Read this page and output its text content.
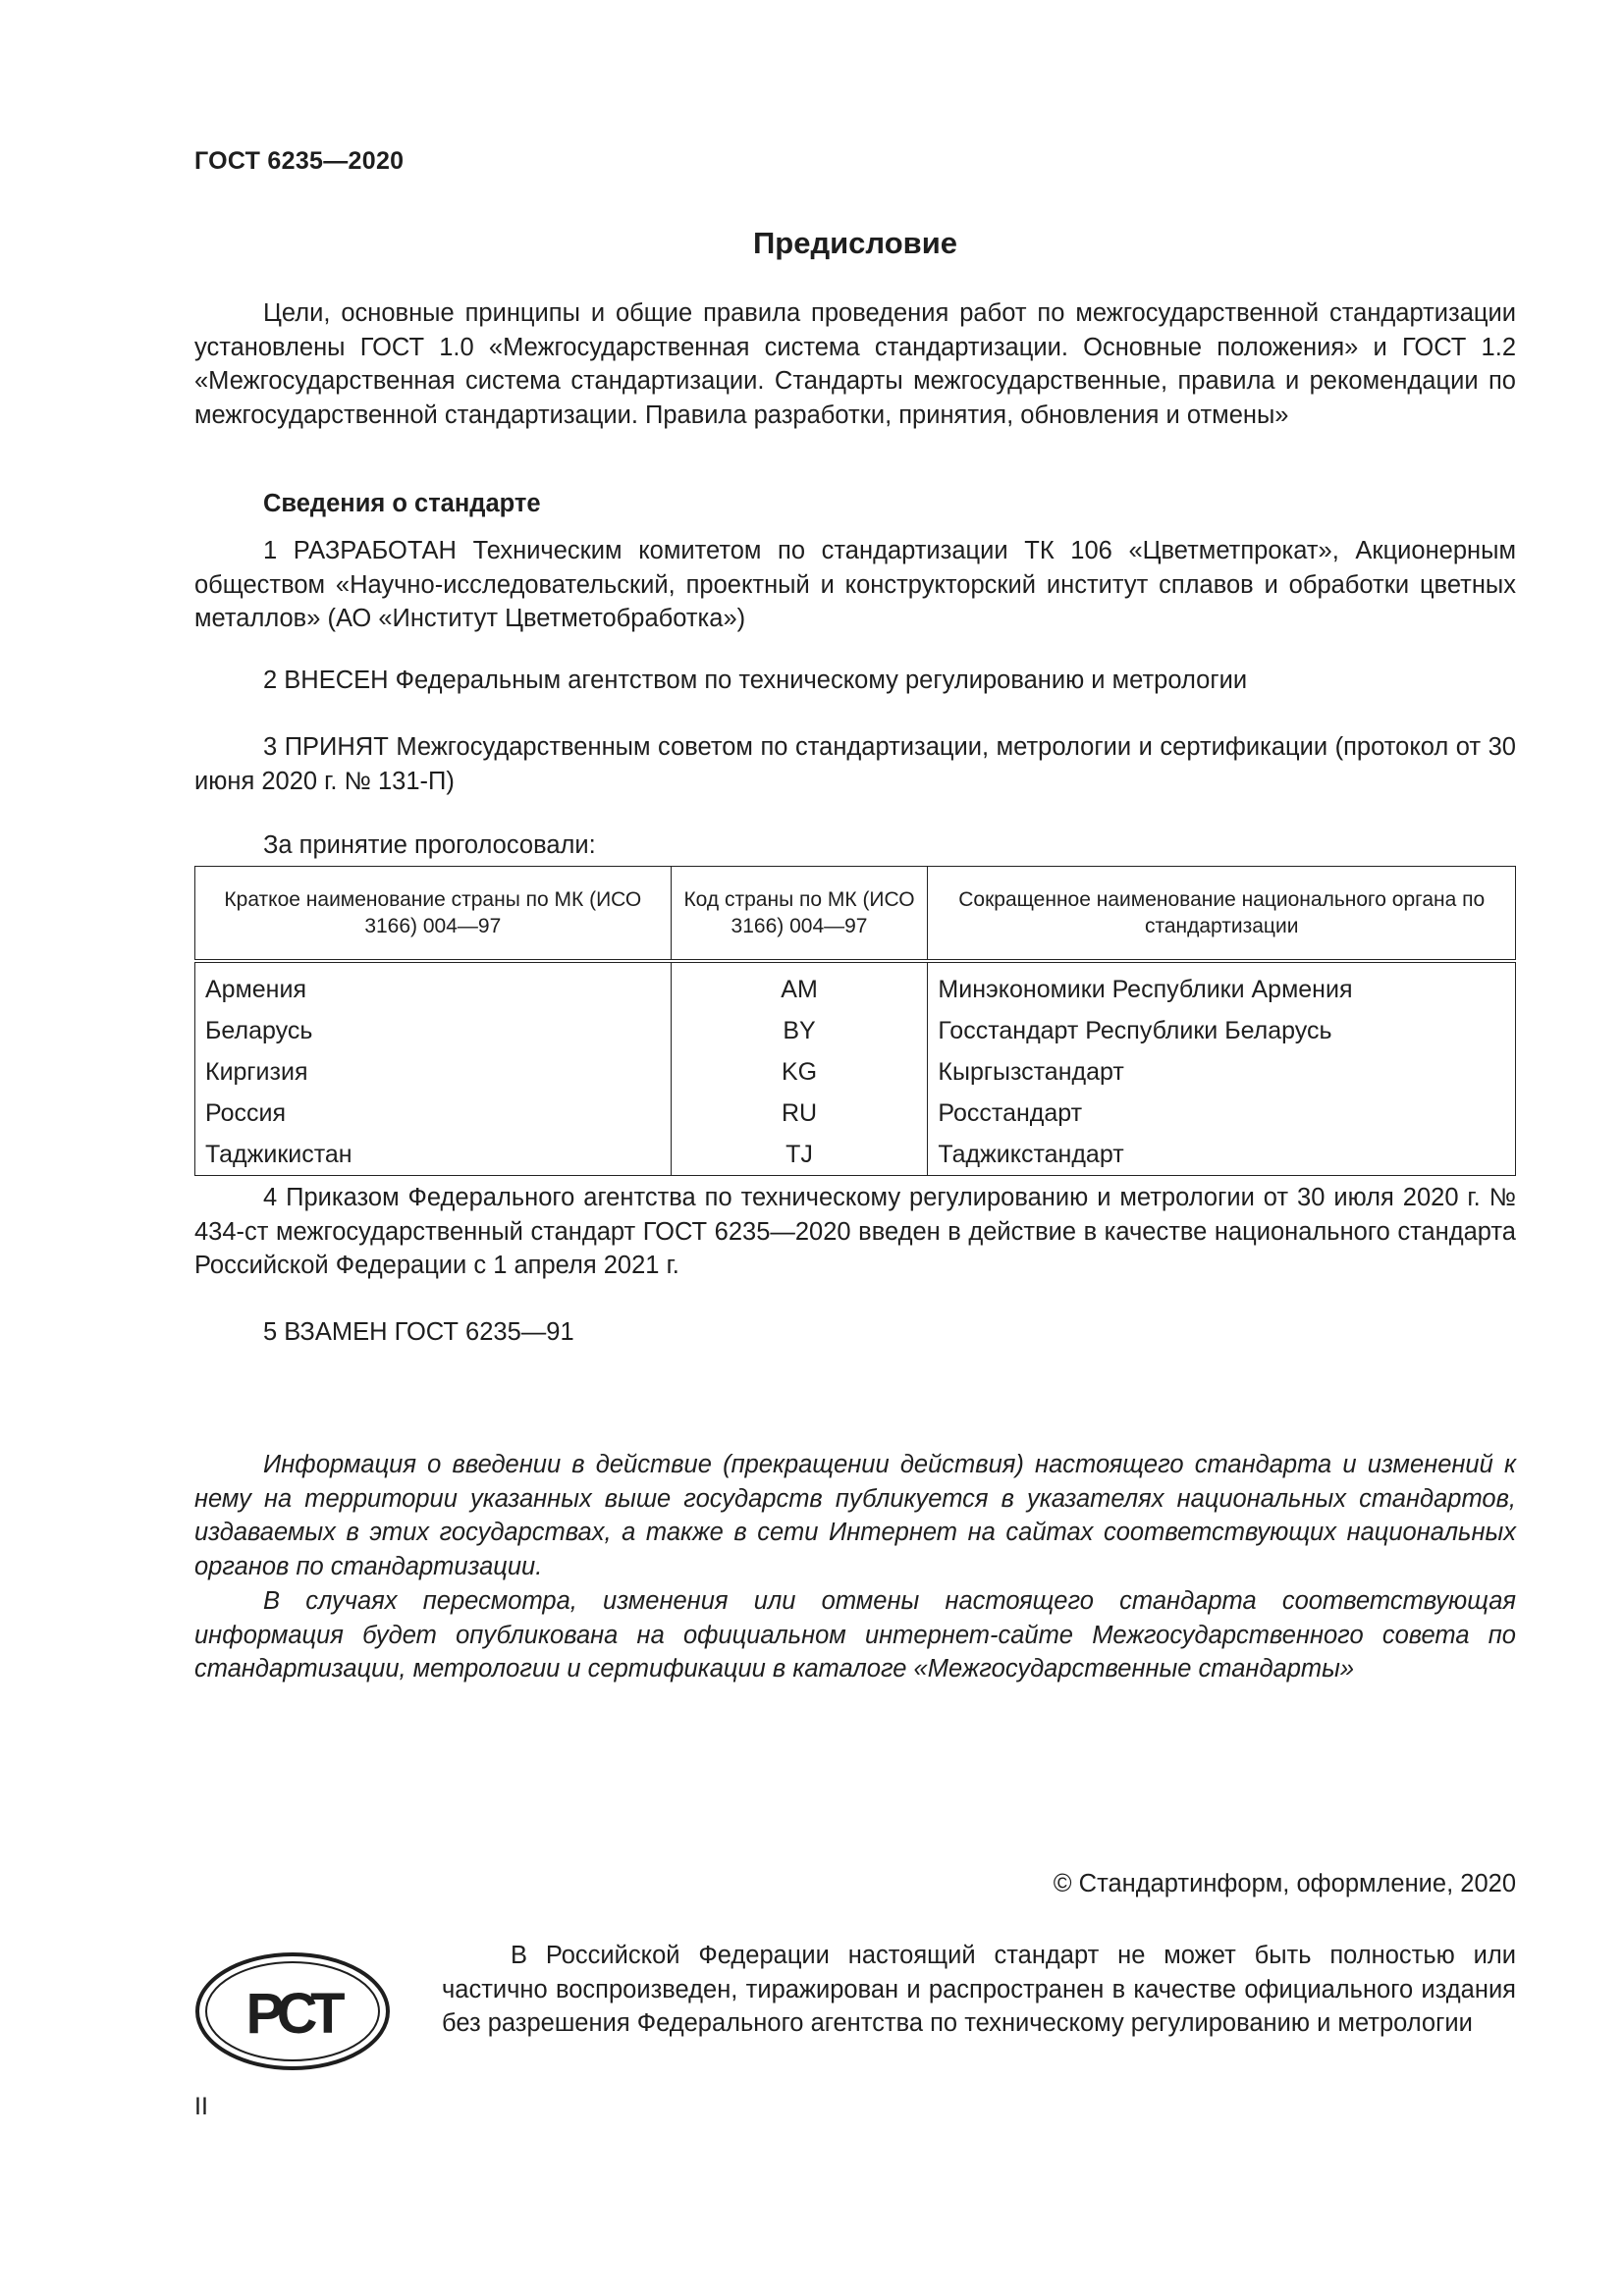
ГОСТ 6235—2020
Предисловие

Цели, основные принципы и общие правила проведения работ по межгосударственной стандартизации установлены ГОСТ 1.0 «Межгосударственная система стандартизации. Основные положения» и ГОСТ 1.2 «Межгосударственная система стандартизации. Стандарты межгосударственные, правила и рекомендации по межгосударственной стандартизации. Правила разработки, принятия, обновления и отмены»

Сведения о стандарте

1 РАЗРАБОТАН Техническим комитетом по стандартизации ТК 106 «Цветметпрокат», Акционерным обществом «Научно-исследовательский, проектный и конструкторский институт сплавов и обработки цветных металлов» (АО «Институт Цветметобработка»)

2 ВНЕСЕН Федеральным агентством по техническому регулированию и метрологии

3 ПРИНЯТ Межгосударственным советом по стандартизации, метрологии и сертификации (протокол от 30 июня 2020 г. № 131-П)

За принятие проголосовали:

Краткое наименование страны по МК (ИСО 3166) 004—97	Код страны по МК (ИСО 3166) 004—97	Сокращенное наименование национального органа по стандартизации
Армения	AM	Минэкономики Республики Армения
Беларусь	BY	Госстандарт Республики Беларусь
Киргизия	KG	Кыргызстандарт
Россия	RU	Росстандарт
Таджикистан	TJ	Таджикстандарт

4 Приказом Федерального агентства по техническому регулированию и метрологии от 30 июля 2020 г. № 434-ст межгосударственный стандарт ГОСТ 6235—2020 введен в действие в качестве национального стандарта Российской Федерации с 1 апреля 2021 г.

5 ВЗАМЕН ГОСТ 6235—91

Информация о введении в действие (прекращении действия) настоящего стандарта и изменений к нему на территории указанных выше государств публикуется в указателях национальных стандартов, издаваемых в этих государствах, а также в сети Интернет на сайтах соответствующих национальных органов по стандартизации.

В случаях пересмотра, изменения или отмены настоящего стандарта соответствующая информация будет опубликована на официальном интернет-сайте Межгосударственного совета по стандартизации, метрологии и сертификации в каталоге «Межгосударственные стандарты»

© Стандартинформ, оформление, 2020
РСТ

В Российской Федерации настоящий стандарт не может быть полностью или частично воспроизведен, тиражирован и распространен в качестве официального издания без разрешения Федерального агентства по техническому регулированию и метрологии

II
